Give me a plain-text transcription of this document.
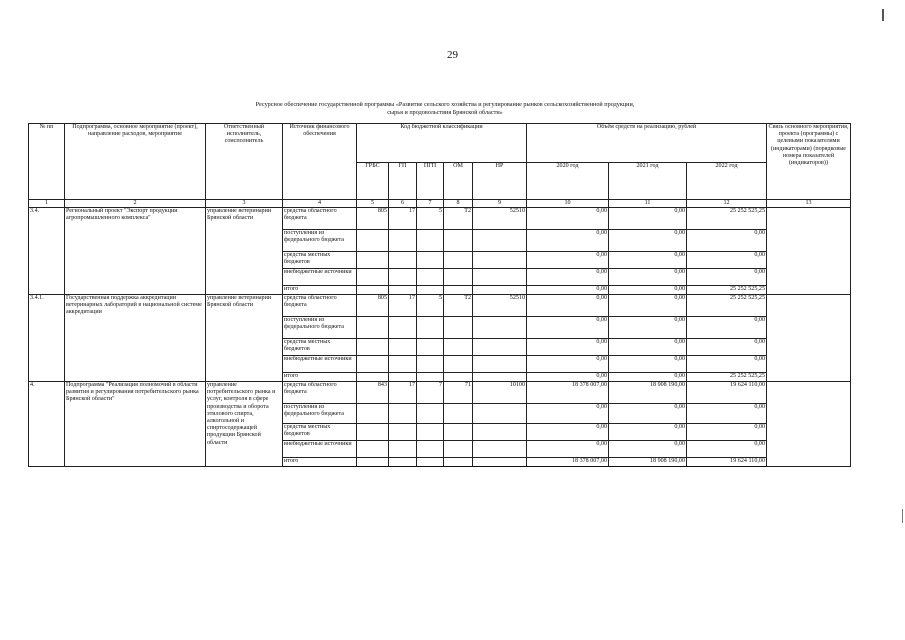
29
Ресурсное обеспечение государственной программы «Развитие сельского хозяйства и регулирование рынков сельскохозяйственной продукции,
сырья и продовольствия Брянской области»
№ пп	Подпрограмма, основное мероприятие (проект), направление расходов, мероприятие	Ответственный исполнитель, соисполнитель	Источник финансового обеспечения	Код бюджетной классификации					Объём средств на реализацию, рублей			Связь основного мероприятия, проекта (программы) с целевыми показателями (индикаторами) (порядковые номера показателей (индикаторов))
				ГРБС	ГП	ПГП	ОМ	НР	2020 год	2021 год	2022 год	
1	2	3	4	5	6	7	8	9	10	11	12	13
3.4.	Региональный проект "Экспорт продукции агропромышленного комплекса"	управление ветеринарии Брянской области	средства областного бюджета	805	17	5	Т2	52510	0,00	0,00	25 252 525,25	
			поступления из федерального бюджета						0,00	0,00	0,00	
			средства местных бюджетов						0,00	0,00	0,00	
			внебюджетные источники						0,00	0,00	0,00	
			итого						0,00	0,00	25 252 525,25	
3.4.1.	Государственная поддержка аккредитации ветеринарных лабораторий в национальной системе аккредитации	управление ветеринарии Брянской области	средства областного бюджета	805	17	5	Т2	52510	0,00	0,00	25 252 525,25	
			поступления из федерального бюджета						0,00	0,00	0,00	
			средства местных бюджетов						0,00	0,00	0,00	
			внебюджетные источники						0,00	0,00	0,00	
			итого						0,00	0,00	25 252 525,25	
4.	Подпрограмма "Реализация полномочий в области развития и регулирования потребительского рынка Брянской области"	управление потребительского рынка и услуг, контроля в сфере производства и оборота этилового спирта, алкогольной и спиртосодержащей продукции Брянской области	средства областного бюджета	843	17	7	71	10100	18 378 007,00	18 908 190,00	19 624 110,00	
			поступления из федерального бюджета						0,00	0,00	0,00	
			средства местных бюджетов						0,00	0,00	0,00	
			внебюджетные источники						0,00	0,00	0,00	
			итого						18 378 007,00	18 908 190,00	19 624 110,00	
